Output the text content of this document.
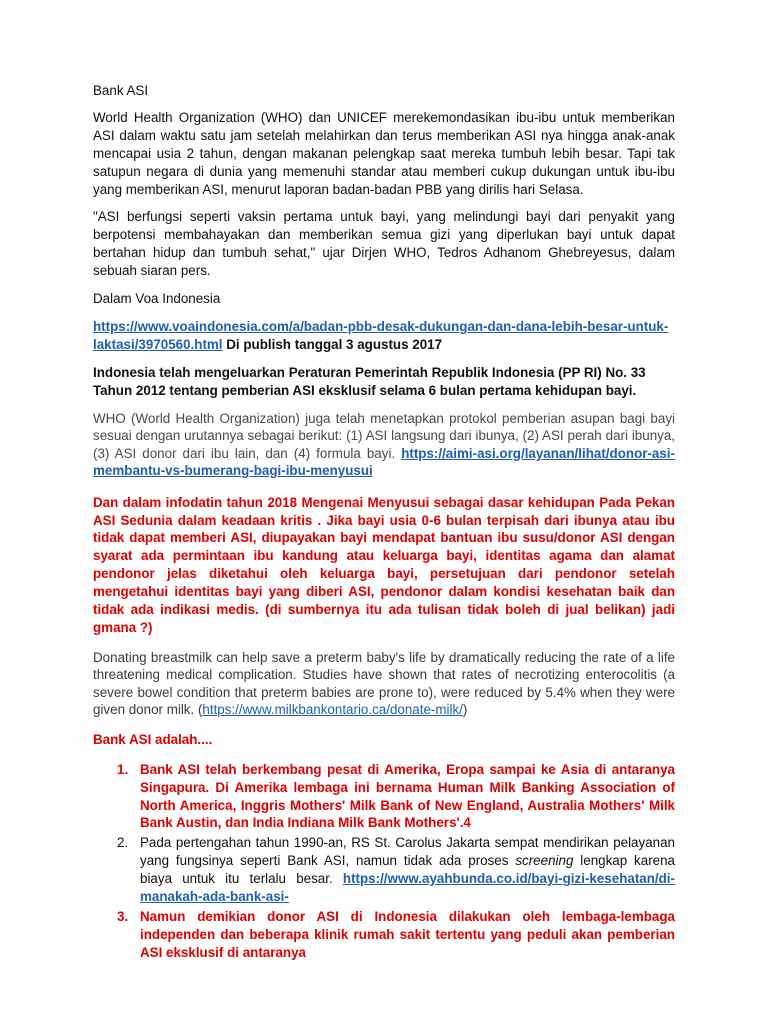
Bank ASI

World Health Organization (WHO) dan UNICEF merekemondasikan ibu-ibu untuk memberikan ASI dalam waktu satu jam setelah melahirkan dan terus memberikan ASI nya hingga anak-anak mencapai usia 2 tahun, dengan makanan pelengkap saat mereka tumbuh lebih besar. Tapi tak satupun negara di dunia yang memenuhi standar atau memberi cukup dukungan untuk ibu-ibu yang memberikan ASI, menurut laporan badan-badan PBB yang dirilis hari Selasa.

"ASI berfungsi seperti vaksin pertama untuk bayi, yang melindungi bayi dari penyakit yang berpotensi membahayakan dan memberikan semua gizi yang diperlukan bayi untuk dapat bertahan hidup dan tumbuh sehat," ujar Dirjen WHO, Tedros Adhanom Ghebreyesus, dalam sebuah siaran pers.

Dalam Voa Indonesia

https://www.voaindonesia.com/a/badan-pbb-desak-dukungan-dan-dana-lebih-besar-untuk-laktasi/3970560.html Di publish tanggal 3 agustus 2017

Indonesia telah mengeluarkan Peraturan Pemerintah Republik Indonesia (PP RI) No. 33 Tahun 2012 tentang pemberian ASI eksklusif selama 6 bulan pertama kehidupan bayi.

WHO (World Health Organization) juga telah menetapkan protokol pemberian asupan bagi bayi sesuai dengan urutannya sebagai berikut: (1) ASI langsung dari ibunya, (2) ASI perah dari ibunya, (3) ASI donor dari ibu lain, dan (4) formula bayi. https://aimi-asi.org/layanan/lihat/donor-asi-membantu-vs-bumerang-bagi-ibu-menyusui

Dan dalam infodatin tahun 2018 Mengenai Menyusui sebagai dasar kehidupan Pada Pekan ASI Sedunia dalam keadaan kritis . Jika bayi usia 0-6 bulan terpisah dari ibunya atau ibu tidak dapat memberi ASI, diupayakan bayi mendapat bantuan ibu susu/donor ASI dengan syarat ada permintaan ibu kandung atau keluarga bayi, identitas agama dan alamat pendonor jelas diketahui oleh keluarga bayi, persetujuan dari pendonor setelah mengetahui identitas bayi yang diberi ASI, pendonor dalam kondisi kesehatan baik dan tidak ada indikasi medis. (di sumbernya itu ada tulisan tidak boleh di jual belikan) jadi gmana ?)

Donating breastmilk can help save a preterm baby's life by dramatically reducing the rate of a life threatening medical complication. Studies have shown that rates of necrotizing enterocolitis (a severe bowel condition that preterm babies are prone to), were reduced by 5.4% when they were given donor milk. (https://www.milkbankontario.ca/donate-milk/)

Bank ASI adalah....

1. Bank ASI telah berkembang pesat di Amerika, Eropa sampai ke Asia di antaranya Singapura. Di Amerika lembaga ini bernama Human Milk Banking Association of North America, Inggris Mothers' Milk Bank of New England, Australia Mothers' Milk Bank Austin, dan India Indiana Milk Bank Mothers'.4
2. Pada pertengahan tahun 1990-an, RS St. Carolus Jakarta sempat mendirikan pelayanan yang fungsinya seperti Bank ASI, namun tidak ada proses screening lengkap karena biaya untuk itu terlalu besar. https://www.ayahbunda.co.id/bayi-gizi-kesehatan/di-manakah-ada-bank-asi-
3. Namun demikian donor ASI di Indonesia dilakukan oleh lembaga-lembaga independen dan beberapa klinik rumah sakit tertentu yang peduli akan pemberian ASI eksklusif di antaranya
